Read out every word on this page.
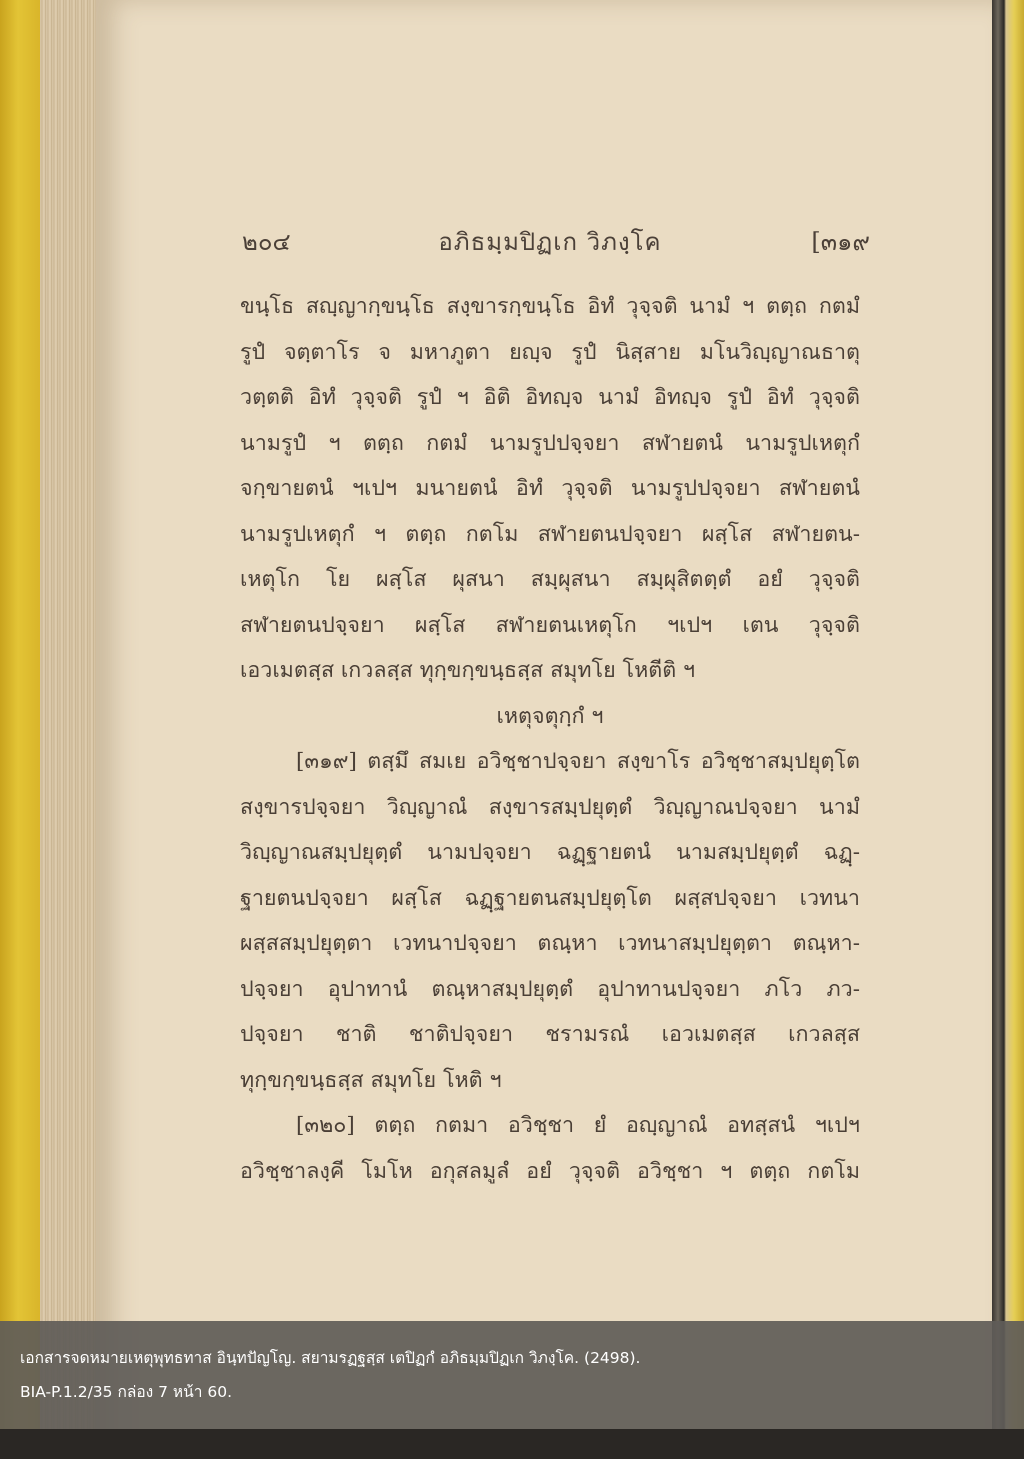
๒๐๔	อภิธมฺมปิฏเก วิภงฺโค	[๓๑๙
ขนฺโธ สญฺญากฺขนฺโธ สงฺขารกฺขนฺโธ อิทํ วุจฺจติ นามํ ฯ ตตฺถ กตมํ
รูปํ จตฺตาโร จ มหาภูตา ยญฺจ รูปํ นิสฺสาย มโนวิญฺญาณธาตุ
วตฺตติ อิทํ วุจฺจติ รูปํ ฯ อิติ อิทญฺจ นามํ อิทญฺจ รูปํ อิทํ วุจฺจติ
นามรูปํ ฯ ตตฺถ กตมํ นามรูปปจฺจยา สฬายตนํ นามรูปเหตุกํ
จกฺขายตนํ ฯเปฯ มนายตนํ อิทํ วุจฺจติ นามรูปปจฺจยา สฬายตนํ
นามรูปเหตุกํ ฯ ตตฺถ กตโม สฬายตนปจฺจยา ผสฺโส สฬายตน-
เหตุโก โย ผสฺโส ผุสนา สมฺผุสนา สมฺผุสิตตฺตํ อยํ วุจฺจติ
สฬายตนปจฺจยา ผสฺโส สฬายตนเหตุโก ฯเปฯ เตน วุจฺจติ
เอวเมตสฺส เกวลสฺส ทุกฺขกฺขนฺธสฺส สมุทโย โหตีติ ฯ
เหตุจตุกฺกํ ฯ
[๓๑๙] ตสฺมึ สมเย อวิชฺชาปจฺจยา สงฺขาโร อวิชฺชาสมฺปยุตฺโต
สงฺขารปจฺจยา วิญฺญาณํ สงฺขารสมฺปยุตฺตํ วิญฺญาณปจฺจยา นามํ
วิญฺญาณสมฺปยุตฺตํ นามปจฺจยา ฉฏฺฐายตนํ นามสมฺปยุตฺตํ ฉฏฺ-
ฐายตนปจฺจยา ผสฺโส ฉฏฺฐายตนสมฺปยุตฺโต ผสฺสปจฺจยา เวทนา
ผสฺสสมฺปยุตฺตา เวทนาปจฺจยา ตณฺหา เวทนาสมฺปยุตฺตา ตณฺหา-
ปจฺจยา อุปาทานํ ตณฺหาสมฺปยุตฺตํ อุปาทานปจฺจยา ภโว ภว-
ปจฺจยา ชาติ ชาติปจฺจยา ชรามรณํ เอวเมตสฺส เกวลสฺส
ทุกฺขกฺขนฺธสฺส สมุทโย โหติ ฯ
[๓๒๐] ตตฺถ กตมา อวิชฺชา ยํ อญฺญาณํ อทสฺสนํ ฯเปฯ
อวิชฺชาลงฺคี โมโห อกุสลมูลํ อยํ วุจฺจติ อวิชฺชา ฯ ตตฺถ กตโม
เอกสารจดหมายเหตุพุทธทาส อินฺทปัญโญ. สยามรฏฐสฺส เตปิฏกํ อภิธมฺมปิฏเก วิภงฺโค. (2498).
BIA-P.1.2/35 กล่อง 7 หน้า 60.
